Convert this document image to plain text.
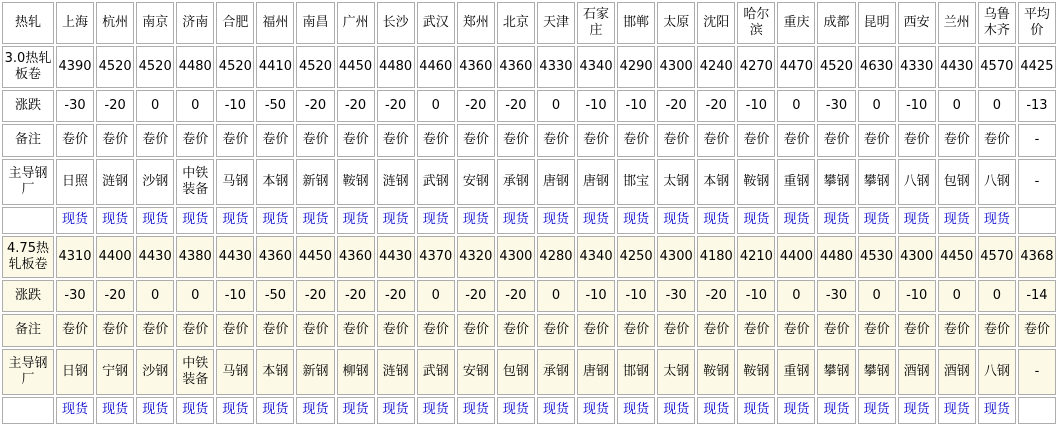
热轧	上海	杭州	南京	济南	合肥	福州	南昌	广州	长沙	武汉	郑州	北京	天津	石家庄	邯郸	太原	沈阳	哈尔滨	重庆	成都	昆明	西安	兰州	乌鲁木齐	平均价
3.0热轧板卷	4390	4520	4520	4480	4520	4410	4520	4450	4480	4460	4360	4360	4330	4340	4290	4300	4240	4270	4470	4520	4630	4330	4430	4570	4425
涨跌	-30	-20	0	0	-10	-50	-20	-20	-20	0	-20	-20	0	-10	-10	-20	-20	-10	0	-30	0	-10	0	0	-13
备注	卷价	卷价	卷价	卷价	卷价	卷价	卷价	卷价	卷价	卷价	卷价	卷价	卷价	卷价	卷价	卷价	卷价	卷价	卷价	卷价	卷价	卷价	卷价	卷价	-
主导钢厂	日照	涟钢	沙钢	中铁装备	马钢	本钢	新钢	鞍钢	涟钢	武钢	安钢	承钢	唐钢	唐钢	邯宝	太钢	本钢	鞍钢	重钢	攀钢	攀钢	八钢	包钢	八钢	-
	现货	现货	现货	现货	现货	现货	现货	现货	现货	现货	现货	现货	现货	现货	现货	现货	现货	现货	现货	现货	现货	现货	现货	现货	
4.75热轧板卷	4310	4400	4430	4380	4430	4360	4450	4360	4430	4370	4320	4300	4280	4340	4250	4300	4180	4210	4400	4480	4530	4300	4450	4570	4368
涨跌	-30	-20	0	0	-10	-50	-20	-20	-20	0	-20	-20	0	-10	-10	-30	-20	-10	0	-30	0	-10	0	0	-14
备注	卷价	卷价	卷价	卷价	卷价	卷价	卷价	卷价	卷价	卷价	卷价	卷价	卷价	卷价	卷价	卷价	卷价	卷价	卷价	卷价	卷价	卷价	卷价	卷价	卷价
主导钢厂	日钢	宁钢	沙钢	中铁装备	马钢	本钢	新钢	柳钢	涟钢	武钢	安钢	包钢	承钢	唐钢	邯钢	太钢	鞍钢	鞍钢	重钢	攀钢	攀钢	酒钢	酒钢	八钢	-
	现货	现货	现货	现货	现货	现货	现货	现货	现货	现货	现货	现货	现货	现货	现货	现货	现货	现货	现货	现货	现货	现货	现货	现货	
